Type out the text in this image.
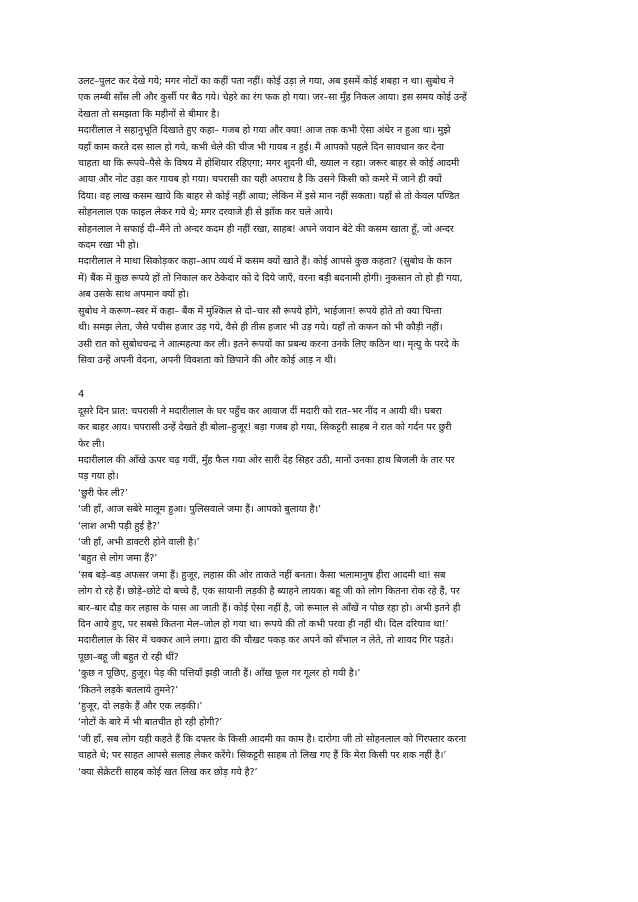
उलट–पुलट कर देखे गये; मगर नोटों का कहीं पता नहीं। कोई उड़ा ले गया, अब इसमें कोई शबहा न था। सुबोध ने
एक लम्बी साँस ली और कुर्सी पर बैठ गये। चेहरे का रंग फक हो गया। जर–सा मुँह निकल आया। इस समय कोई उन्हें
देखता तो समझता कि महीनों से बीमार है।
मदारीलाल ने सहानुभूति दिखाते हुए कहा– गजब हो गया और क्या! आज तक कभी ऐसा अंधेर न हुआ था। मुझे
यहाँ काम करते दस साल हो गये, कभी धेले की चीज भी गायब न हुई। मैं आपको पहले दिन सावधान कर देना
चाहता था कि रूपये–पैसे के विषय में होशियार रहिएगा; मगर शुदनी थी, ख्याल न रहा। जरूर बाहर से कोई आदमी
आया और नोट उड़ा कर गायब हो गया। चपरासी का यही अपराध है कि उसने किसी को कमरे में जाने ही क्यों
दिया। वह लाख कसम खाये कि बाहर से कोई नहीं आया; लेकिन में इसे मान नहीं सकता। यहाँ से तो केवल पण्डित
सोहनलाल एक फाइल लेकर गये थे; मगर दरवाजे ही से झाँक कर चले आये।
सोहनलाल ने सफाई दी–मैंने तो अन्दर कदम ही नहीं रखा, साहब! अपने जवान बेटे की कसम खाता हूँ, जो अन्दर
कदम रखा भी हो।
मदारीलाल ने माथा सिकोड़कर कहा–आप व्यर्थ में कसम क्यों खाते हैं। कोई आपसे कुछ कहता? (सुबोध के कान
में) बैंक में कुछ रूपये हों तो निकाल कर ठेकेदार को दे दिये जाएँ, वरना बड़ी बदनामी होगी। नुकसान तो हो ही गया,
अब उसके साथ अपमान क्यों हो।
सुबोध ने करूण–स्वर में कहा– बैंक में मुश्किल से दो–चार सौ रूपये होंगे, भाईजान! रूपये होते तो क्या चिन्ता
थी। समझ लेता, जैसे पचीस हजार उड़ गये, वैसे ही तीस हजार भी उड़ गये। यहाँ तो कफन को भी कौड़ी नहीं।
उसी रात को सुबोधचन्द्र ने आत्महत्या कर ली। इतने रूपयों का प्रबन्ध करना उनके लिए कठिन था। मृत्यु के परदे के
सिवा उन्हें अपनी वेदना, अपनी विवशता को छिपाने की और कोई आड़ न थी।
4
दूसरे दिन प्रात: चपरासी ने मदारीलाल के घर पहुँच कर आवाज दीं मदारी को रात–भर नींद न आयी थी। घबरा
कर बाहर आय। चपरासी उन्हें देखते ही बोला–हुजूर! बड़ा गजब हो गया, सिकट्टरी साहब ने रात को गर्दन पर छुरी
फेर ली।
मदारीलाल की आँखे ऊपर चढ़ गयीं, मुँह फैल गया ओर सारी देह सिहर उठी, मानों उनका हाथ बिजली के तार पर
पड़ गया हो।
‘छुरी फेर ली?’
‘जी हाँ, आज सबेरे मालूम हुआ। पुलिसवाले जमा हैं। आपको बुलाया है।’
‘लाश अभी पड़ी हुई है?’
‘जी हाँ, अभी डाक्टरी होने वाली है।’
‘बहुत से लोग जमा हैं?’
‘सब बड़े–बड़ अफसर जमा हैं। हुजूर, लहास की ओर ताकते नहीं बनता। कैसा भलामानुष हीरा आदमी था! सब
लोग रो रहे हैं। छोड़े–छोटे दो बच्चे हैं, एक सायानी लड़की है ब्याहने लायक। बहू जी को लोग कितना रोक रहे हैं, पर
बार–बार दौड़ कर लहास के पास आ जाती हैं। कोई ऐसा नहीं है, जो रूमाल से आँखें न पोछ रहा हो। अभी इतने ही
दिन आये हुए, पर सबसे कितना मेल–जोल हो गया था। रूपये की तो कभी परवा ही नहीं थी। दिल दरियाव था!’
मदारीलाल के सिर में चक्कर आने लगा। द्वारा की चौखट पकड़ कर अपने को सँभाल न लेते, तो शायद गिर पड़ते।
पूछा–बहू जी बहुत रो रही थीं?
‘कुछ न पूछिए, हुजूर। पेड़ की पत्तियाँ झड़ी जाती हैं। आँख फूल गर गूलर हो गयी है।’
‘कितने लड़के बतलाये तुमने?’
‘हुजूर, दो लड़के हैं और एक लड़की।’
‘नोटों के बारे में भी बातचीत हो रही होगी?’
‘जी हाँ, सब लोग यही कहते हैं कि दफ्तर के किसी आदमी का काम है। दारोगा जी तो सोहनलाल को गिरफ्तार करना
चाहते थे; पर साहत आपसे सलाह लेकर करेंगे। सिकट्टरी साहब तो लिख गए हैं कि मेरा किसी पर शक नहीं है।’
‘क्या सेक्रेटरी साहब कोई खत लिख कर छोड़ गये है?’
